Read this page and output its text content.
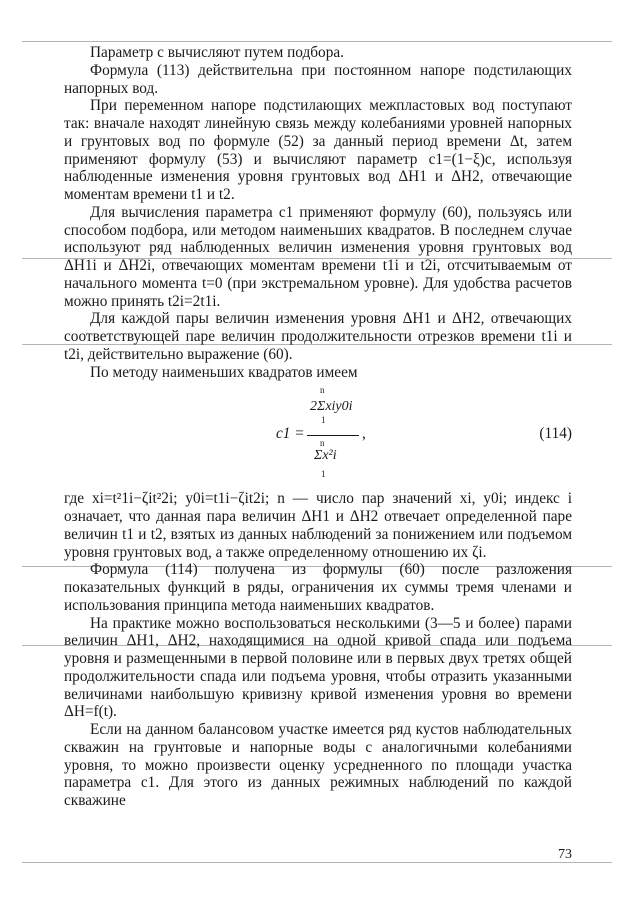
Параметр c вычисляют путем подбора.

Формула (113) действительна при постоянном напоре подстилающих напорных вод.

При переменном напоре подстилающих межпластовых вод поступают так: вначале находят линейную связь между колебаниями уровней напорных и грунтовых вод по формуле (52) за данный период времени Δt, затем применяют формулу (53) и вычисляют параметр c1=(1−ξ)c, используя наблюденные изменения уровня грунтовых вод ΔH1 и ΔH2, отвечающие моментам времени t1 и t2.

Для вычисления параметра c1 применяют формулу (60), пользуясь или способом подбора, или методом наименьших квадратов. В последнем случае используют ряд наблюденных величин изменения уровня грунтовых вод ΔH1i и ΔH2i, отвечающих моментам времени t1i и t2i, отсчитываемым от начального момента t=0 (при экстремальном уровне). Для удобства расчетов можно принять t2i=2t1i.

Для каждой пары величин изменения уровня ΔH1 и ΔH2, отвечающих соответствующей паре величин продолжительности отрезков времени t1i и t2i, действительно выражение (60).

По методу наименьших квадратов имеем

c1 =
n
2Σxiy0i
1
n
Σx²i
1
,	(114)

где xi=t²1i−ζit²2i; y0i=t1i−ζit2i; n — число пар значений xi, y0i; индекс i означает, что данная пара величин ΔH1 и ΔH2 отвечает определенной паре величин t1 и t2, взятых из данных наблюдений за понижением или подъемом уровня грунтовых вод, а также определенному отношению их ζi.

Формула (114) получена из формулы (60) после разложения показательных функций в ряды, ограничения их суммы тремя членами и использования принципа метода наименьших квадратов.

На практике можно воспользоваться несколькими (3—5 и более) парами величин ΔH1, ΔH2, находящимися на одной кривой спада или подъема уровня и размещенными в первой половине или в первых двух третях общей продолжительности спада или подъема уровня, чтобы отразить указанными величинами наибольшую кривизну кривой изменения уровня во времени ΔH=f(t).

Если на данном балансовом участке имеется ряд кустов наблюдательных скважин на грунтовые и напорные воды с аналогичными колебаниями уровня, то можно произвести оценку усредненного по площади участка параметра c1. Для этого из данных режимных наблюдений по каждой скважине

73
